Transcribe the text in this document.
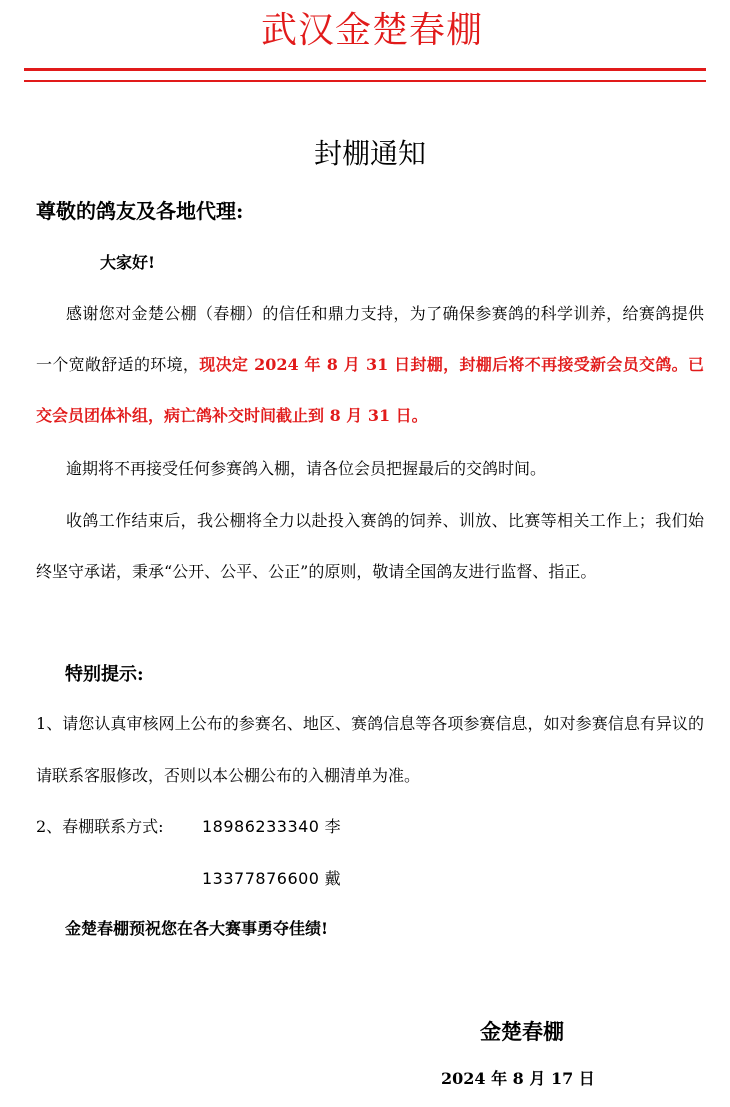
武汉金楚春棚
封棚通知
尊敬的鸽友及各地代理:
大家好!

感谢您对金楚公棚（春棚）的信任和鼎力支持，为了确保参赛鸽的科学训养，给赛鸽提供一个宽敞舒适的环境，现决定 2024 年 8 月 31 日封棚，封棚后将不再接受新会员交鸽。已交会员团体补组，病亡鸽补交时间截止到 8 月 31 日。

逾期将不再接受任何参赛鸽入棚，请各位会员把握最后的交鸽时间。

收鸽工作结束后，我公棚将全力以赴投入赛鸽的饲养、训放、比赛等相关工作上；我们始终坚守承诺，秉承“公开、公平、公正”的原则，敬请全国鸽友进行监督、指正。

特别提示:

1、请您认真审核网上公布的参赛名、地区、赛鸽信息等各项参赛信息，如对参赛信息有异议的请联系客服修改，否则以本公棚公布的入棚清单为准。

2、春棚联系方式: 18986233340 李
13377876600 戴
金楚春棚预祝您在各大赛事勇夺佳绩!
金楚春棚
2024 年 8 月 17 日
